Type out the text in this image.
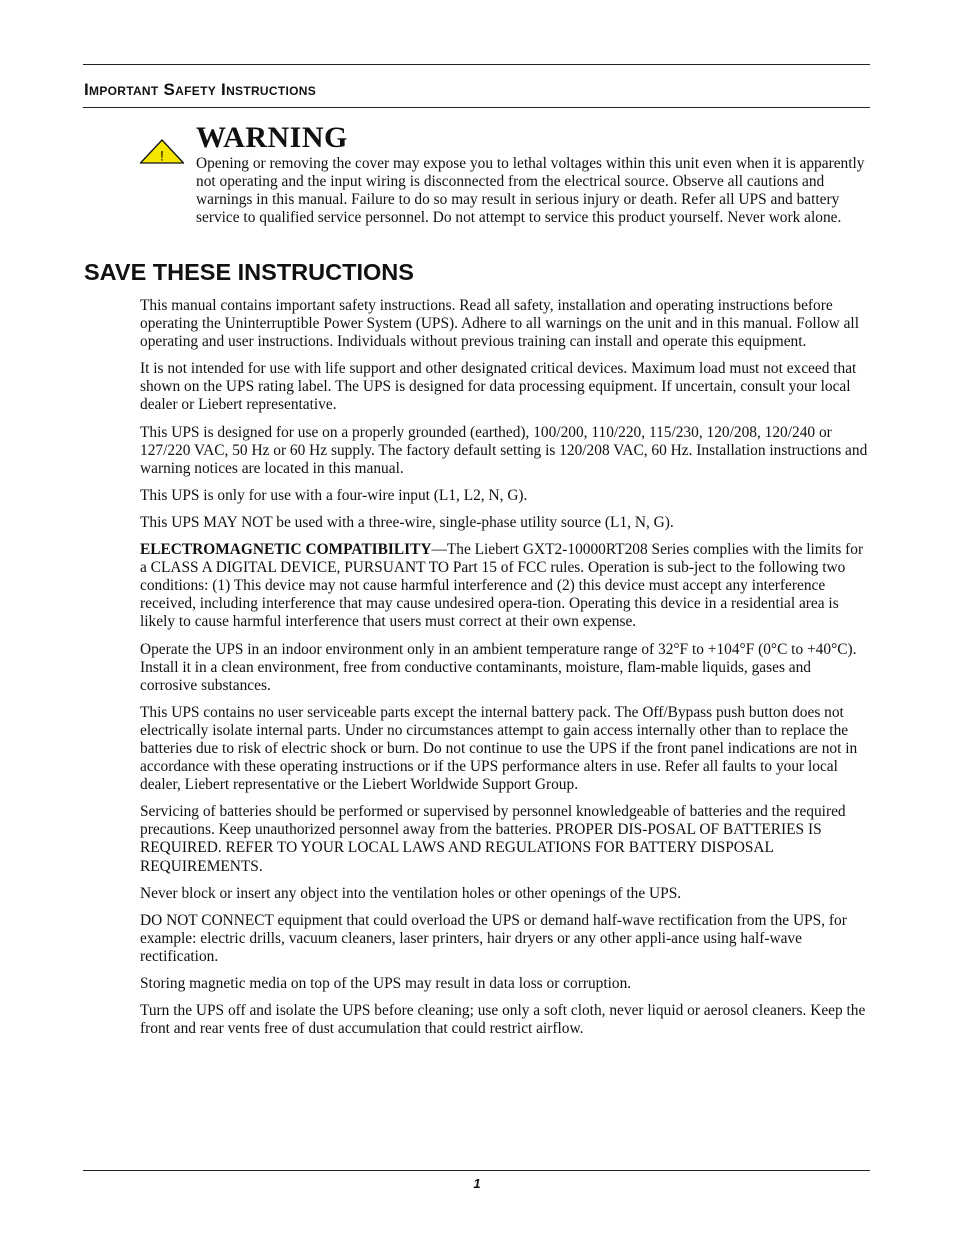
Important Safety Instructions
!
WARNING
Opening or removing the cover may expose you to lethal voltages within this unit even when it is apparently not operating and the input wiring is disconnected from the electrical source. Observe all cautions and warnings in this manual. Failure to do so may result in serious injury or death. Refer all UPS and battery service to qualified service personnel. Do not attempt to service this product yourself. Never work alone.
SAVE THESE INSTRUCTIONS

This manual contains important safety instructions. Read all safety, installation and operating instructions before operating the Uninterruptible Power System (UPS). Adhere to all warnings on the unit and in this manual. Follow all operating and user instructions. Individuals without previous training can install and operate this equipment.

It is not intended for use with life support and other designated critical devices. Maximum load must not exceed that shown on the UPS rating label. The UPS is designed for data processing equipment. If uncertain, consult your local dealer or Liebert representative.

This UPS is designed for use on a properly grounded (earthed), 100/200, 110/220, 115/230, 120/208, 120/240 or 127/220 VAC, 50 Hz or 60 Hz supply. The factory default setting is 120/208 VAC, 60 Hz. Installation instructions and warning notices are located in this manual.

This UPS is only for use with a four-wire input (L1, L2, N, G).

This UPS MAY NOT be used with a three-wire, single-phase utility source (L1, N, G).

ELECTROMAGNETIC COMPATIBILITY—The Liebert GXT2-10000RT208 Series complies with the limits for a CLASS A DIGITAL DEVICE, PURSUANT TO Part 15 of FCC rules. Operation is sub-ject to the following two conditions: (1) This device may not cause harmful interference and (2) this device must accept any interference received, including interference that may cause undesired opera-tion. Operating this device in a residential area is likely to cause harmful interference that users must correct at their own expense.

Operate the UPS in an indoor environment only in an ambient temperature range of 32°F to +104°F (0°C to +40°C). Install it in a clean environment, free from conductive contaminants, moisture, flam-mable liquids, gases and corrosive substances.

This UPS contains no user serviceable parts except the internal battery pack. The Off/Bypass push button does not electrically isolate internal parts. Under no circumstances attempt to gain access internally other than to replace the batteries due to risk of electric shock or burn. Do not continue to use the UPS if the front panel indications are not in accordance with these operating instructions or if the UPS performance alters in use. Refer all faults to your local dealer, Liebert representative or the Liebert Worldwide Support Group.

Servicing of batteries should be performed or supervised by personnel knowledgeable of batteries and the required precautions. Keep unauthorized personnel away from the batteries. PROPER DIS-POSAL OF BATTERIES IS REQUIRED. REFER TO YOUR LOCAL LAWS AND REGULATIONS FOR BATTERY DISPOSAL REQUIREMENTS.

Never block or insert any object into the ventilation holes or other openings of the UPS.

DO NOT CONNECT equipment that could overload the UPS or demand half-wave rectification from the UPS, for example: electric drills, vacuum cleaners, laser printers, hair dryers or any other appli-ance using half-wave rectification.

Storing magnetic media on top of the UPS may result in data loss or corruption.

Turn the UPS off and isolate the UPS before cleaning; use only a soft cloth, never liquid or aerosol cleaners. Keep the front and rear vents free of dust accumulation that could restrict airflow.

1
